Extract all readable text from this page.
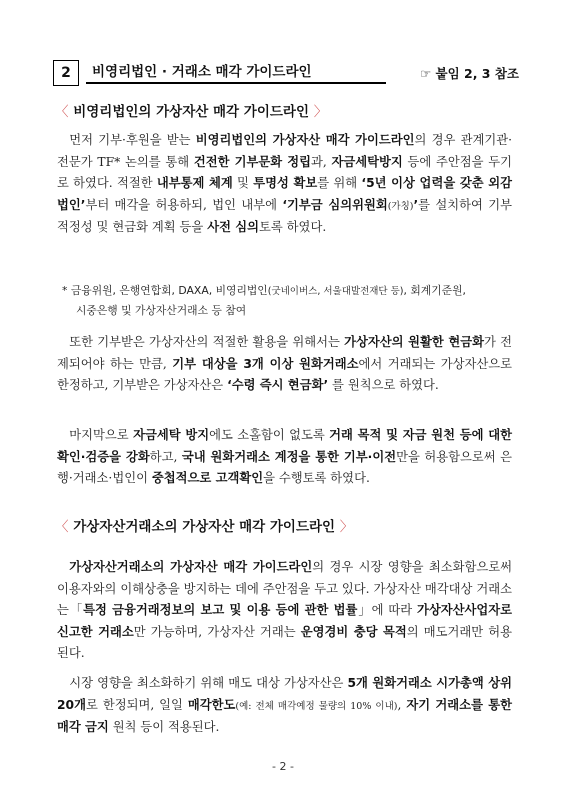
2	비영리법인 · 거래소 매각 가이드라인	☞ 붙임 2, 3 참조
〈 비영리법인의 가상자산 매각 가이드라인 〉
먼저 기부·후원을 받는 비영리법인의 가상자산 매각 가이드라인의 경우 관계기관·전문가 TF* 논의를 통해 건전한 기부문화 정립과, 자금세탁방지 등에 주안점을 두기로 하였다. 적절한 내부통제 체계 및 투명성 확보를 위해 ‘5년 이상 업력을 갖춘 외감법인’부터 매각을 허용하되, 법인 내부에 ‘기부금 심의위원회(가칭)’를 설치하여 기부 적정성 및 현금화 계획 등을 사전 심의토록 하였다.
* 금융위원, 은행연합회, DAXA, 비영리법인(굿네이버스, 서울대발전재단 등), 회계기준원,
시중은행 및 가상자산거래소 등 참여
또한 기부받은 가상자산의 적절한 활용을 위해서는 가상자산의 원활한 현금화가 전제되어야 하는 만큼, 기부 대상을 3개 이상 원화거래소에서 거래되는 가상자산으로 한정하고, 기부받은 가상자산은 ‘수령 즉시 현금화’ 를 원칙으로 하였다.
마지막으로 자금세탁 방지에도 소홀함이 없도록 거래 목적 및 자금 원천 등에 대한 확인·검증을 강화하고, 국내 원화거래소 계정을 통한 기부·이전만을 허용함으로써 은행·거래소·법인이 중첩적으로 고객확인을 수행토록 하였다.
〈 가상자산거래소의 가상자산 매각 가이드라인 〉
가상자산거래소의 가상자산 매각 가이드라인의 경우 시장 영향을 최소화함으로써 이용자와의 이해상충을 방지하는 데에 주안점을 두고 있다. 가상자산 매각대상 거래소는「특정 금융거래정보의 보고 및 이용 등에 관한 법률」에 따라 가상자산사업자로 신고한 거래소만 가능하며, 가상자산 거래는 운영경비 충당 목적의 매도거래만 허용된다.
시장 영향을 최소화하기 위해 매도 대상 가상자산은 5개 원화거래소 시가총액 상위 20개로 한정되며, 일일 매각한도(예: 전체 매각예정 물량의 10% 이내), 자기 거래소를 통한 매각 금지 원칙 등이 적용된다.
- 2 -
